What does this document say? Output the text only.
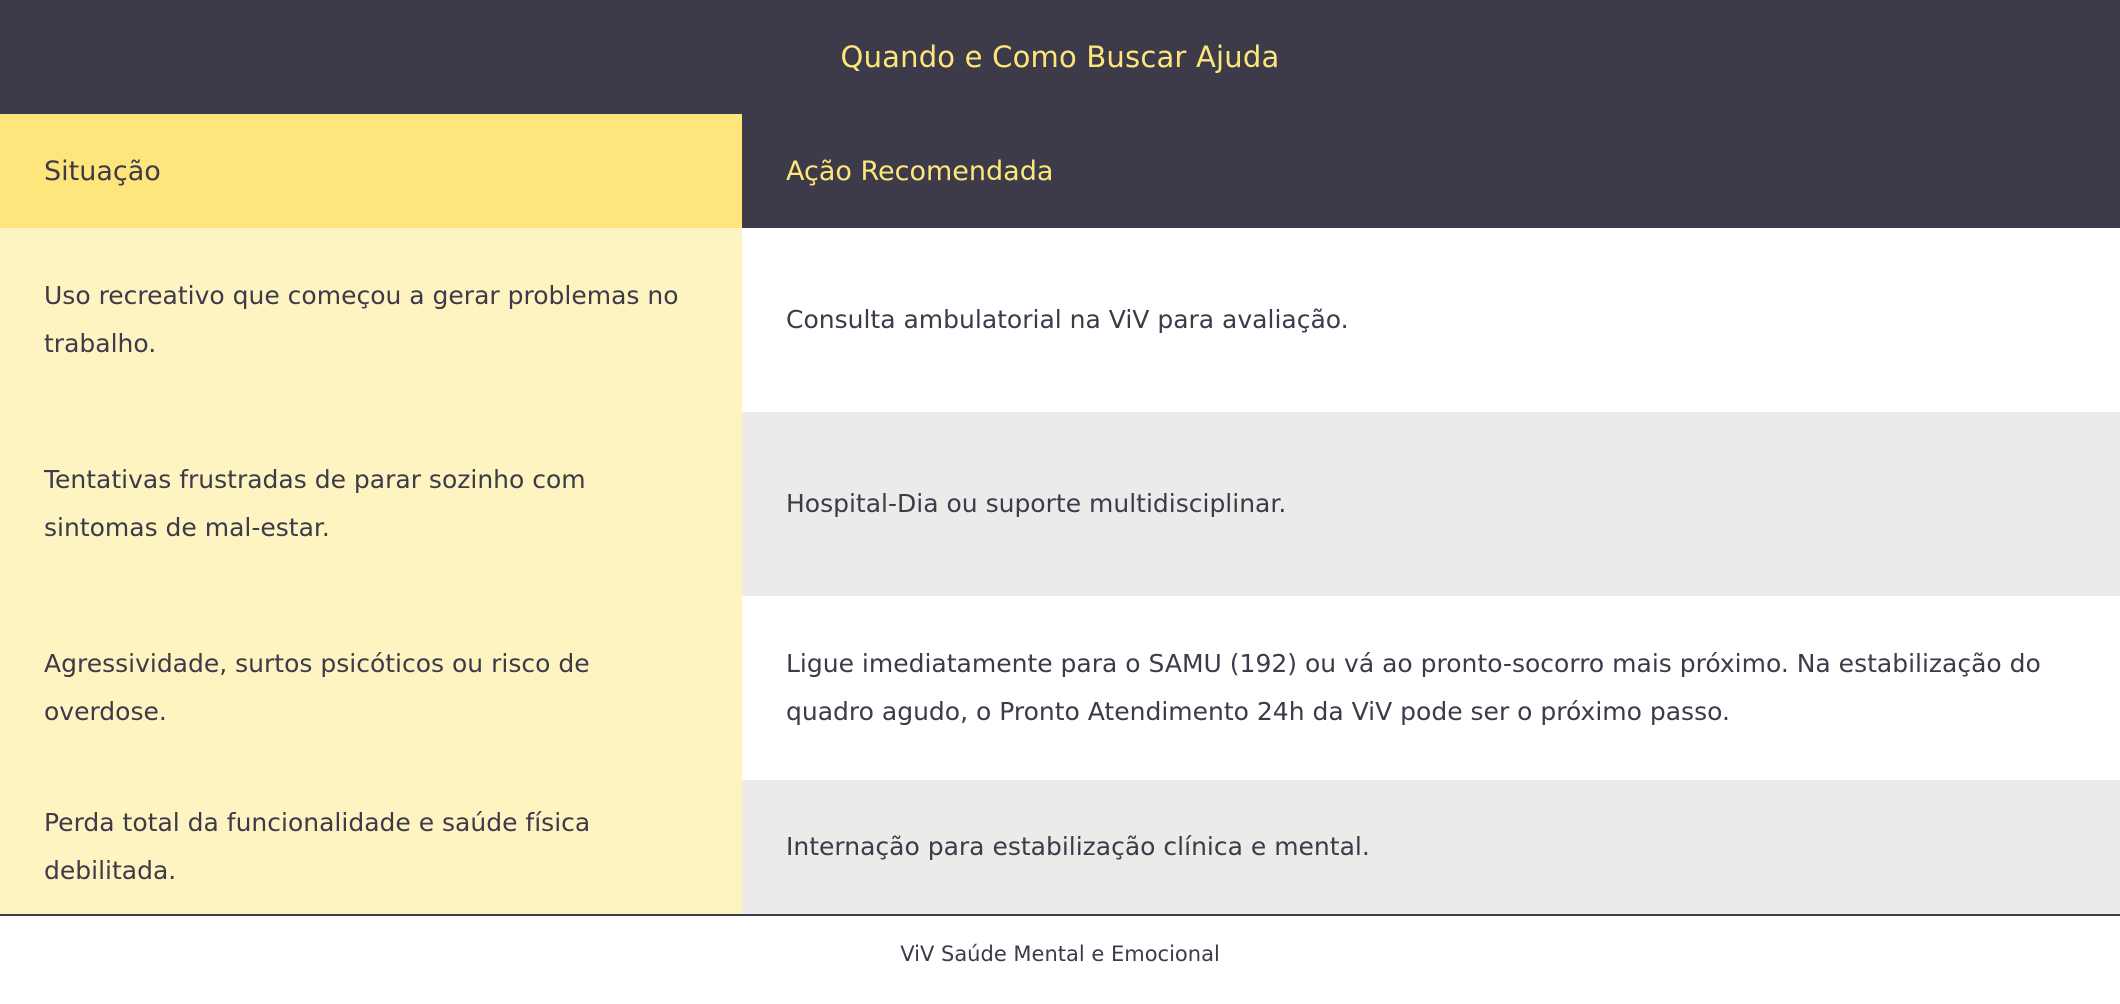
Quando e Como Buscar Ajuda
Situação	Ação Recomendada
Uso recreativo que começou a gerar problemas no trabalho.	Consulta ambulatorial na ViV para avaliação.
Tentativas frustradas de parar sozinho com sintomas de mal-estar.	Hospital-Dia ou suporte multidisciplinar.
Agressividade, surtos psicóticos ou risco de overdose.	Ligue imediatamente para o SAMU (192) ou vá ao pronto-socorro mais próximo. Na estabilização do quadro agudo, o Pronto Atendimento 24h da ViV pode ser o próximo passo.
Perda total da funcionalidade e saúde física debilitada.	Internação para estabilização clínica e mental.
ViV Saúde Mental e Emocional
